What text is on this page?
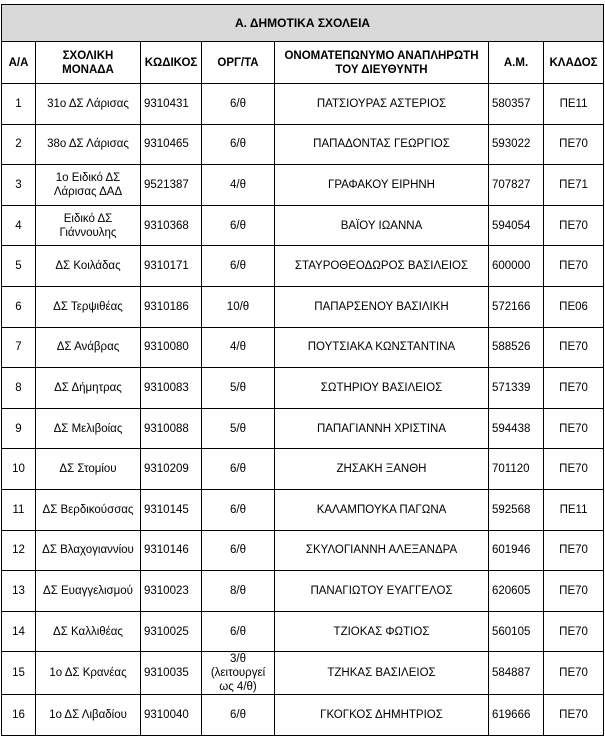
Α. ΔΗΜΟΤΙΚΑ ΣΧΟΛΕΙΑ						
Α/Α	ΣΧΟΛΙΚΗ ΜΟΝΑΔΑ	ΚΩΔΙΚΟΣ	ΟΡΓ/ΤΑ	ΟΝΟΜΑΤΕΠΩΝΥΜΟ ΑΝΑΠΛΗΡΩΤΗ ΤΟΥ ΔΙΕΥΘΥΝΤΗ	Α.Μ.	ΚΛΑΔΟΣ
1	31ο ΔΣ Λάρισας	9310431	6/θ	ΠΑΤΣΙΟΥΡΑΣ ΑΣΤΕΡΙΟΣ	580357	ΠΕ11
2	38ο ΔΣ Λάρισας	9310465	6/θ	ΠΑΠΑΔΟΝΤΑΣ ΓΕΩΡΓΙΟΣ	593022	ΠΕ70
3	1ο Ειδικό ΔΣ Λάρισας ΔΑΔ	9521387	4/θ	ΓΡΑΦΑΚΟΥ ΕΙΡΗΝΗ	707827	ΠΕ71
4	Ειδικό ΔΣ Γιάννουλης	9310368	6/θ	ΒΑΪΟΥ ΙΩΑΝΝΑ	594054	ΠΕ70
5	ΔΣ Κοιλάδας	9310171	6/θ	ΣΤΑΥΡΟΘΕΟΔΩΡΟΣ ΒΑΣΙΛΕΙΟΣ	600000	ΠΕ70
6	ΔΣ Τερψιθέας	9310186	10/θ	ΠΑΠΑΡΣΕΝΟΥ ΒΑΣΙΛΙΚΗ	572166	ΠΕ06
7	ΔΣ Ανάβρας	9310080	4/θ	ΠΟΥΤΣΙΑΚΑ ΚΩΝΣΤΑΝΤΙΝΑ	588526	ΠΕ70
8	ΔΣ Δήμητρας	9310083	5/θ	ΣΩΤΗΡΙΟΥ ΒΑΣΙΛΕΙΟΣ	571339	ΠΕ70
9	ΔΣ Μελιβοίας	9310088	5/θ	ΠΑΠΑΓΙΑΝΝΗ ΧΡΙΣΤΙΝΑ	594438	ΠΕ70
10	ΔΣ Στομίου	9310209	6/θ	ΖΗΣΑΚΗ ΞΑΝΘΗ	701120	ΠΕ70
11	ΔΣ Βερδικούσσας	9310145	6/θ	ΚΑΛΑΜΠΟΥΚΑ ΠΑΓΩΝΑ	592568	ΠΕ11
12	ΔΣ Βλαχογιαννίου	9310146	6/θ	ΣΚΥΛΟΓΙΑΝΝΗ ΑΛΕΞΑΝΔΡΑ	601946	ΠΕ70
13	ΔΣ Ευαγγελισμού	9310023	8/θ	ΠΑΝΑΓΙΩΤΟΥ ΕΥΑΓΓΕΛΟΣ	620605	ΠΕ70
14	ΔΣ Καλλιθέας	9310025	6/θ	ΤΖΙΟΚΑΣ ΦΩΤΙΟΣ	560105	ΠΕ70
15	1ο ΔΣ Κρανέας	9310035	3/θ (λειτουργεί ως 4/θ)	ΤΖΗΚΑΣ ΒΑΣΙΛΕΙΟΣ	584887	ΠΕ70
16	1ο ΔΣ Λιβαδίου	9310040	6/θ	ΓΚΟΓΚΟΣ ΔΗΜΗΤΡΙΟΣ	619666	ΠΕ70
